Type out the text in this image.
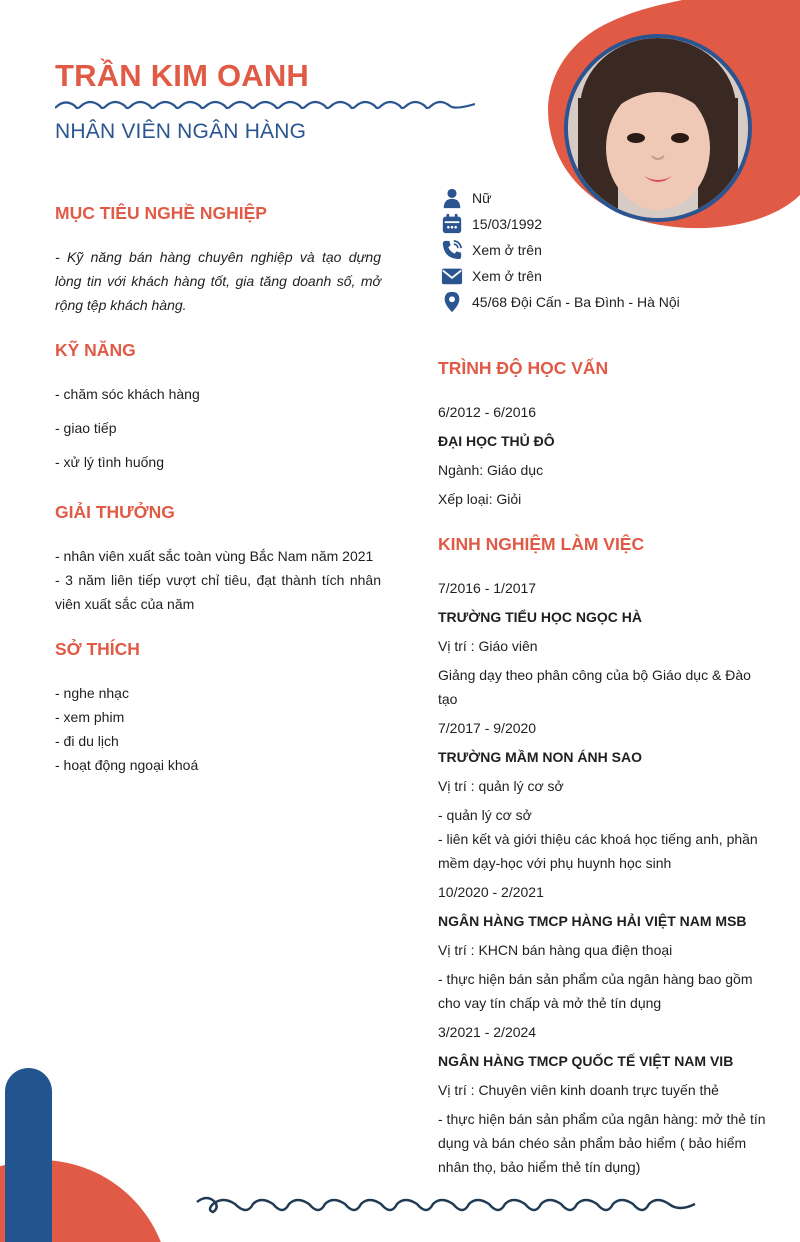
TRẦN KIM OANH
NHÂN VIÊN NGÂN HÀNG
Nữ
15/03/1992
Xem ở trên
Xem ở trên
45/68 Đội Cấn - Ba Đình - Hà Nội
MỤC TIÊU NGHỀ NGHIỆP
- Kỹ năng bán hàng chuyên nghiệp và tạo dựng
lòng tin với khách hàng tốt, gia tăng doanh số, mở
rộng tệp khách hàng.
KỸ NĂNG
- chăm sóc khách hàng
- giao tiếp
- xử lý tình huống
GIẢI THƯỞNG
- nhân viên xuất sắc toàn vùng Bắc Nam năm 2021
- 3 năm liên tiếp vượt chỉ tiêu, đạt thành tích nhân
viên xuất sắc của năm
SỞ THÍCH
- nghe nhạc
- xem phim
- đi du lịch
- hoạt động ngoại khoá
TRÌNH ĐỘ HỌC VẤN
6/2012 - 6/2016
ĐẠI HỌC THỦ ĐÔ
Ngành: Giáo dục
Xếp loại: Giỏi
KINH NGHIỆM LÀM VIỆC
7/2016 - 1/2017
TRƯỜNG TIỂU HỌC NGỌC HÀ
Vị trí : Giáo viên
Giảng dạy theo phân công của bộ Giáo dục & Đào
tạo
7/2017 - 9/2020
TRƯỜNG MẦM NON ÁNH SAO
Vị trí : quản lý cơ sở
- quản lý cơ sở
- liên kết và giới thiệu các khoá học tiếng anh, phần
mềm dạy-học với phụ huynh học sinh
10/2020 - 2/2021
NGÂN HÀNG TMCP HÀNG HẢI VIỆT NAM MSB
Vị trí : KHCN bán hàng qua điện thoại
- thực hiện bán sản phẩm của ngân hàng bao gồm
cho vay tín chấp và mở thẻ tín dụng
3/2021 - 2/2024
NGÂN HÀNG TMCP QUỐC TẾ VIỆT NAM VIB
Vị trí : Chuyên viên kinh doanh trực tuyến thẻ
- thực hiện bán sản phẩm của ngân hàng: mở thẻ tín
dụng và bán chéo sản phẩm bảo hiểm ( bảo hiểm
nhân thọ, bảo hiểm thẻ tín dụng)
